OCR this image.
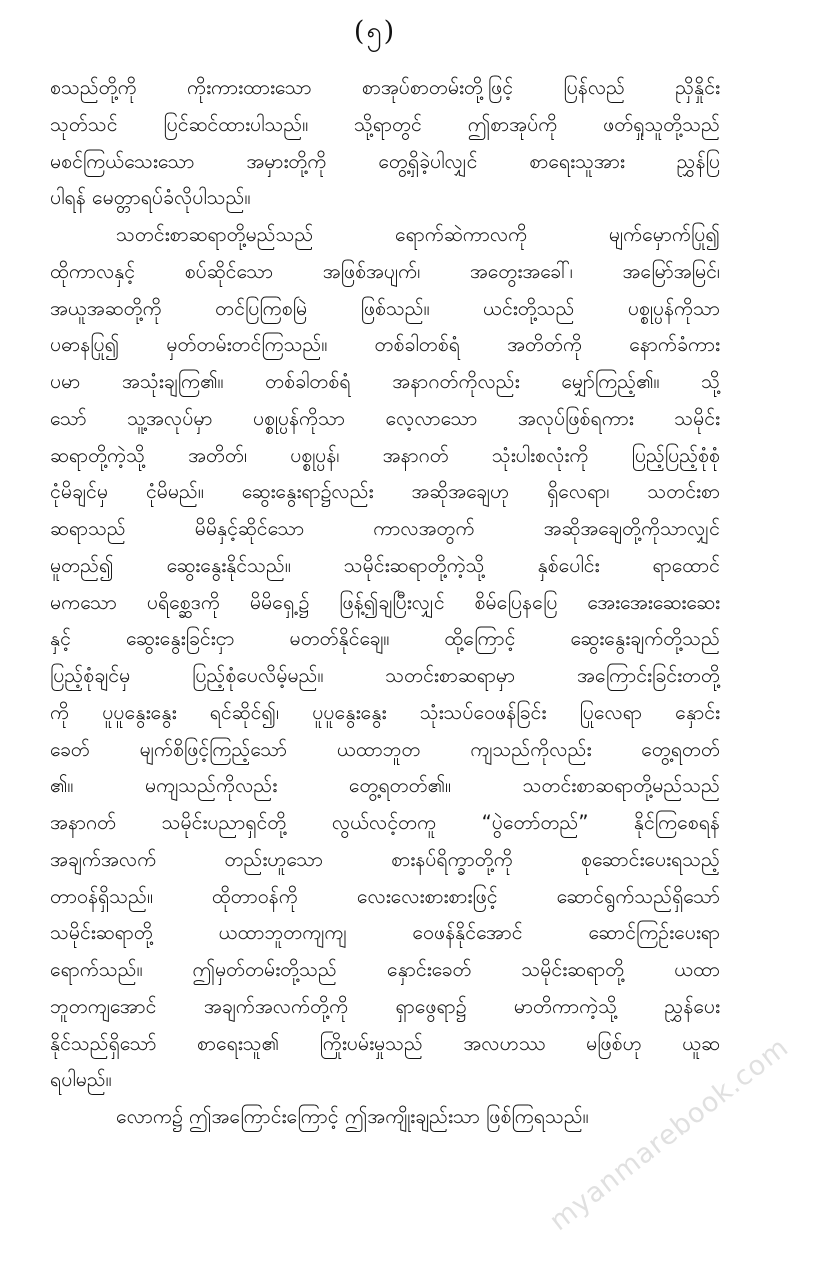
(၅)
စသည်တို့ကို ကိုးကားထားသော စာအုပ်စာတမ်းတို့ဖြင့် ပြန်လည် ညှိနှိုင်း
သုတ်သင် ပြင်ဆင်ထားပါသည်။ သို့ရာတွင် ဤစာအုပ်ကို ဖတ်ရှုသူတို့သည်
မစင်ကြယ်သေးသော အမှားတို့ကို တွေ့ရှိခဲ့ပါလျှင် စာရေးသူအား ညွှန်ပြ
ပါရန် မေတ္တာရပ်ခံလိုပါသည်။
သတင်းစာဆရာတို့မည်သည် ရောက်ဆဲကာလကို မျက်မှောက်ပြု၍
ထိုကာလနှင့် စပ်ဆိုင်သော အဖြစ်အပျက်၊ အတွေးအခေါ်၊ အမြော်အမြင်၊
အယူအဆတို့ကို တင်ပြကြစမြဲ ဖြစ်သည်။ ယင်းတို့သည် ပစ္စုပ္ပန်ကိုသာ
ပဓာနပြု၍ မှတ်တမ်းတင်ကြသည်။ တစ်ခါတစ်ရံ အတိတ်ကို နောက်ခံကား
ပမာ အသုံးချကြ၏။ တစ်ခါတစ်ရံ အနာဂတ်ကိုလည်း မျှော်ကြည့်၏။ သို့
သော် သူ့အလုပ်မှာ ပစ္စုပ္ပန်ကိုသာ လေ့လာသော အလုပ်ဖြစ်ရကား သမိုင်း
ဆရာတို့ကဲ့သို့ အတိတ်၊ ပစ္စုပ္ပန်၊ အနာဂတ် သုံးပါးစလုံးကို ပြည့်ပြည့်စုံစုံ
ငုံမိချင်မှ ငုံမိမည်။ ဆွေးနွေးရာ၌လည်း အဆိုအချေဟု ရှိလေရာ၊ သတင်းစာ
ဆရာသည် မိမိနှင့်ဆိုင်သော ကာလအတွက် အဆိုအချေတို့ကိုသာလျှင်
မူတည်၍ ဆွေးနွေးနိုင်သည်။ သမိုင်းဆရာတို့ကဲ့သို့ နှစ်ပေါင်း ရာထောင်
မကသော ပရိစ္ဆေဒကို မိမိရှေ့၌ ဖြန့်၍ချပြီးလျှင် စိမ်ပြေနပြေ အေးအေးဆေးဆေး
နှင့် ဆွေးနွေးခြင်းငှာ မတတ်နိုင်ချေ။ ထို့ကြောင့် ဆွေးနွေးချက်တို့သည်
ပြည့်စုံချင်မှ ပြည့်စုံပေလိမ့်မည်။ သတင်းစာဆရာမှာ အကြောင်းခြင်းတတို့
ကို ပူပူနွေးနွေး ရင်ဆိုင်၍၊ ပူပူနွေးနွေး သုံးသပ်ဝေဖန်ခြင်း ပြုလေရာ နှောင်း
ခေတ် မျက်စိဖြင့်ကြည့်သော် ယထာဘူတ ကျသည်ကိုလည်း တွေ့ရတတ်
၏။ မကျသည်ကိုလည်း တွေ့ရတတ်၏။ သတင်းစာဆရာတို့မည်သည်
အနာဂတ် သမိုင်းပညာရှင်တို့ လွယ်လင့်တကူ “ပွဲတော်တည်” နိုင်ကြစေရန်
အချက်အလက် တည်းဟူသော စားနပ်ရိက္ခာတို့ကို စုဆောင်းပေးရသည့်
တာဝန်ရှိသည်။ ထိုတာဝန်ကို လေးလေးစားစားဖြင့် ဆောင်ရွက်သည်ရှိသော်
သမိုင်းဆရာတို့ ယထာဘူတကျကျ ဝေဖန်နိုင်အောင် ဆောင်ကြဉ်းပေးရာ
ရောက်သည်။ ဤမှတ်တမ်းတို့သည် နှောင်းခေတ် သမိုင်းဆရာတို့ ယထာ
ဘူတကျအောင် အချက်အလက်တို့ကို ရှာဖွေရာ၌ မာတိကာကဲ့သို့ ညွှန်ပေး
နိုင်သည်ရှိသော် စာရေးသူ၏ ကြိုးပမ်းမှုသည် အလဟဿ မဖြစ်ဟု ယူဆ
ရပါမည်။
လောက၌ ဤအကြောင်းကြောင့် ဤအကျိုးချည်းသာ ဖြစ်ကြရသည်။
myanmarebook.com
